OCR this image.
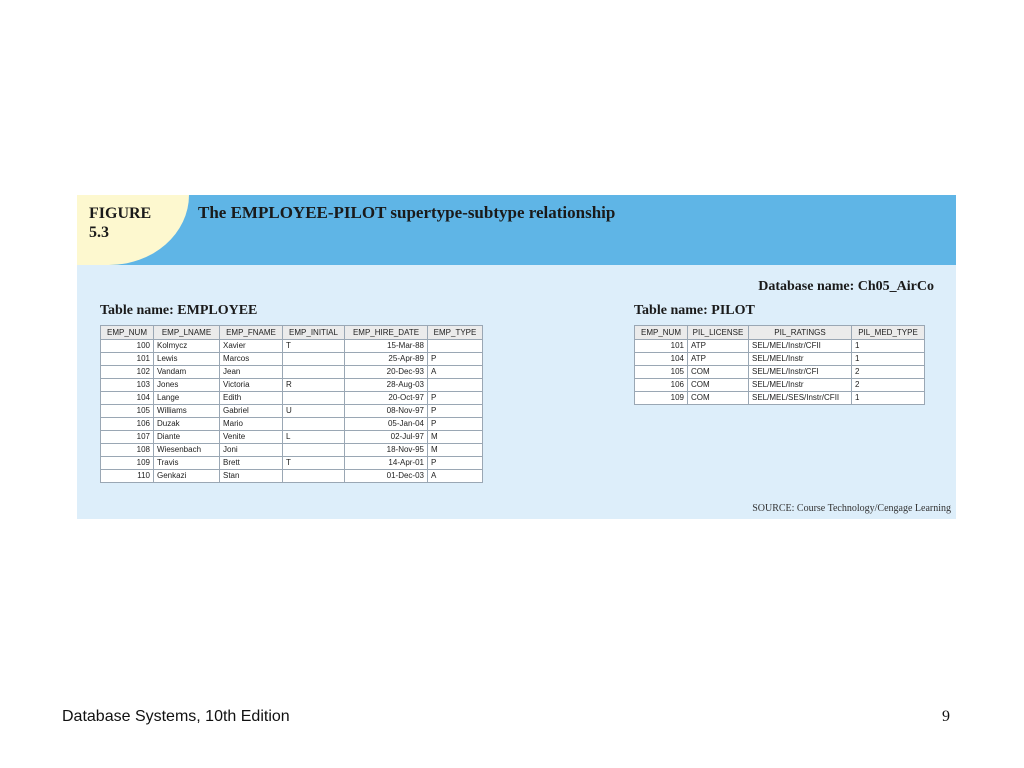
FIGURE
5.3
The EMPLOYEE-PILOT supertype-subtype relationship
Database name: Ch05_AirCo
Table name: EMPLOYEE
EMP_NUM	EMP_LNAME	EMP_FNAME	EMP_INITIAL	EMP_HIRE_DATE	EMP_TYPE
100	Kolmycz	Xavier	T	15-Mar-88	
101	Lewis	Marcos		25-Apr-89	P
102	Vandam	Jean		20-Dec-93	A
103	Jones	Victoria	R	28-Aug-03	
104	Lange	Edith		20-Oct-97	P
105	Williams	Gabriel	U	08-Nov-97	P
106	Duzak	Mario		05-Jan-04	P
107	Diante	Venite	L	02-Jul-97	M
108	Wiesenbach	Joni		18-Nov-95	M
109	Travis	Brett	T	14-Apr-01	P
110	Genkazi	Stan		01-Dec-03	A
Table name: PILOT
EMP_NUM	PIL_LICENSE	PIL_RATINGS	PIL_MED_TYPE
101	ATP	SEL/MEL/Instr/CFII	1
104	ATP	SEL/MEL/Instr	1
105	COM	SEL/MEL/Instr/CFI	2
106	COM	SEL/MEL/Instr	2
109	COM	SEL/MEL/SES/Instr/CFII	1
SOURCE: Course Technology/Cengage Learning
Database Systems, 10th Edition	9
